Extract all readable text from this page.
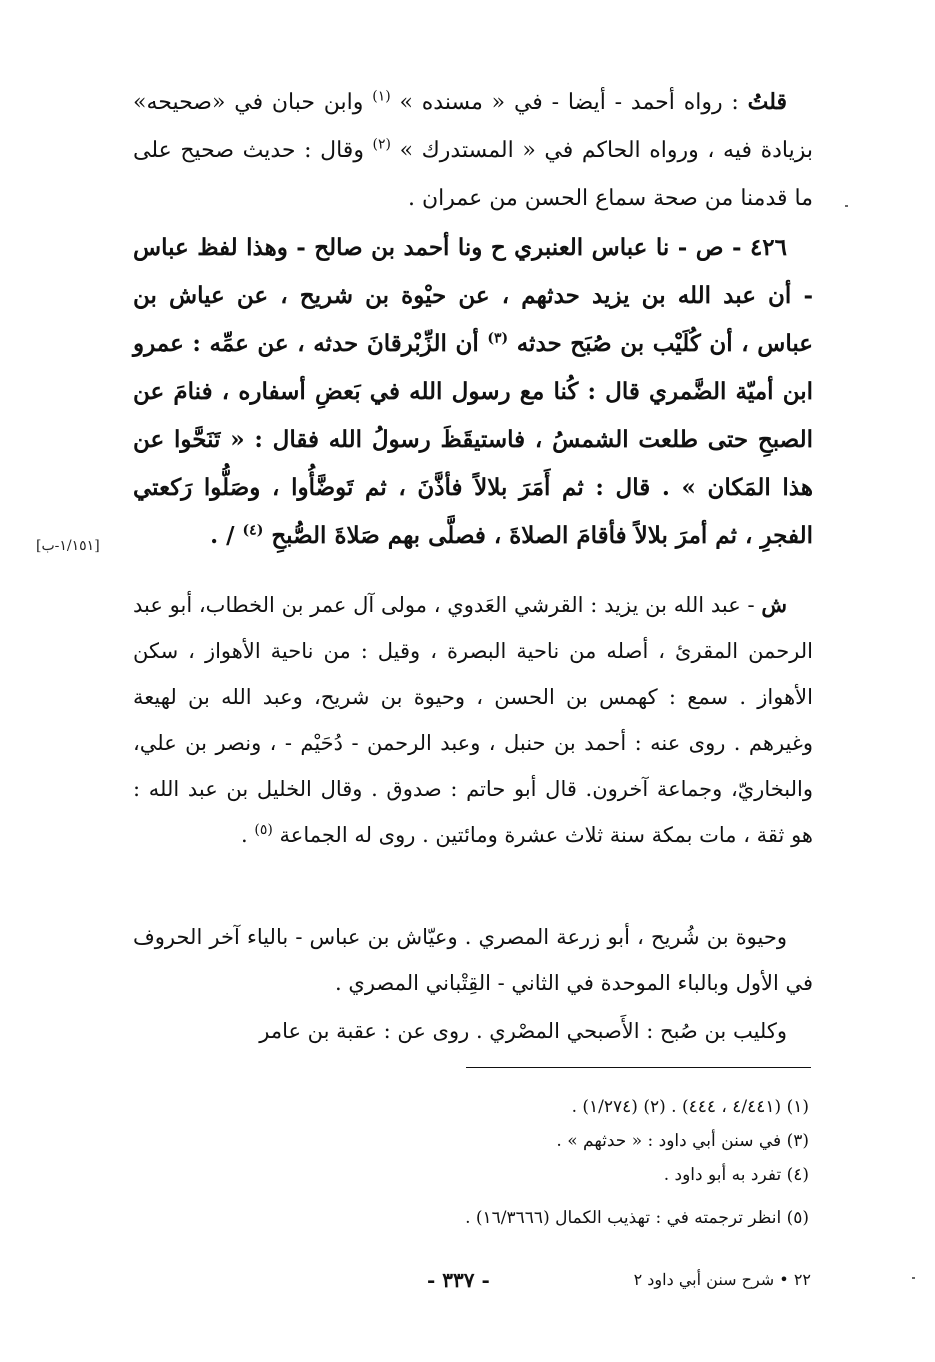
قلتُ : رواه أحمد - أيضا - في « مسنده » $^{(١)}$ وابن حبان في «صحيحه» بزيادة فيه ، ورواه الحاكم في « المستدرك » $^{(٢)}$ وقال : حديث صحيح على ما قدمنا من صحة سماع الحسن من عمران .
٤٢٦ - ص - نا عباس العنبري ح ونا أحمد بن صالح - وهذا لفظ عباس - أن عبد الله بن يزيد حدثهم ، عن حيْوة بن شريح ، عن عياش بن عباس ، أن كُلَيْب بن صُبَح حدثه $^{(٣)}$ أن الزِّبْرقانَ حدثه ، عن عمِّه : عمرو ابن أميّة الضَّمري قال : كُنا مع رسول الله في بَعضِ أسفاره ، فنامَ عن الصبحِ حتى طلعت الشمسُ ، فاستيقَظَ رسولُ الله فقال : « تَنَحَّوا عن هذا المَكان » . قال : ثم أَمَرَ بلالاً فأذَّنَ ، ثم تَوضَّأُوا ، وصَلُّوا رَكعتي الفجرِ ، ثم أمرَ بلالاً فأقامَ الصلاةَ ، فصلَّى بهم صَلاةَ الصُّبحِ $^{(٤)}$ / .
[١/١٥١-ب]
ش - عبد الله بن يزيد : القرشي العَدوي ، مولى آل عمر بن الخطاب، أبو عبد الرحمن المقرئ ، أصله من ناحية البصرة ، وقيل : من ناحية الأهواز ، سكن الأهواز . سمع : كهمس بن الحسن ، وحيوة بن شريح، وعبد الله بن لهيعة وغيرهم . روى عنه : أحمد بن حنبل ، وعبد الرحمن - دُحَيْم - ، ونصر بن علي، والبخاريّ، وجماعة آخرون. قال أبو حاتم : صدوق . وقال الخليل بن عبد الله : هو ثقة ، مات بمكة سنة ثلاث عشرة ومائتين . روى له الجماعة $^{(٥)}$ .
وحيوة بن شُريح ، أبو زرعة المصري . وعيّاش بن عباس - بالياء آخر الحروف في الأول وبالباء الموحدة في الثاني - القِتْباني المصري .
وكليب بن صُبح : الأَصبحي المصْري . روى عن : عقبة بن عامر
(١) (٤/٤٤١ ، ٤٤٤) . (٢) (١/٢٧٤) .
(٣) في سنن أبي داود : « حدثهم » .
(٤) تفرد به أبو داود .
(٥) انظر ترجمته في : تهذيب الكمال (١٦/٣٦٦٦) .
- ٣٣٧ -	٢٢ • شرح سنن أبي داود ٢
